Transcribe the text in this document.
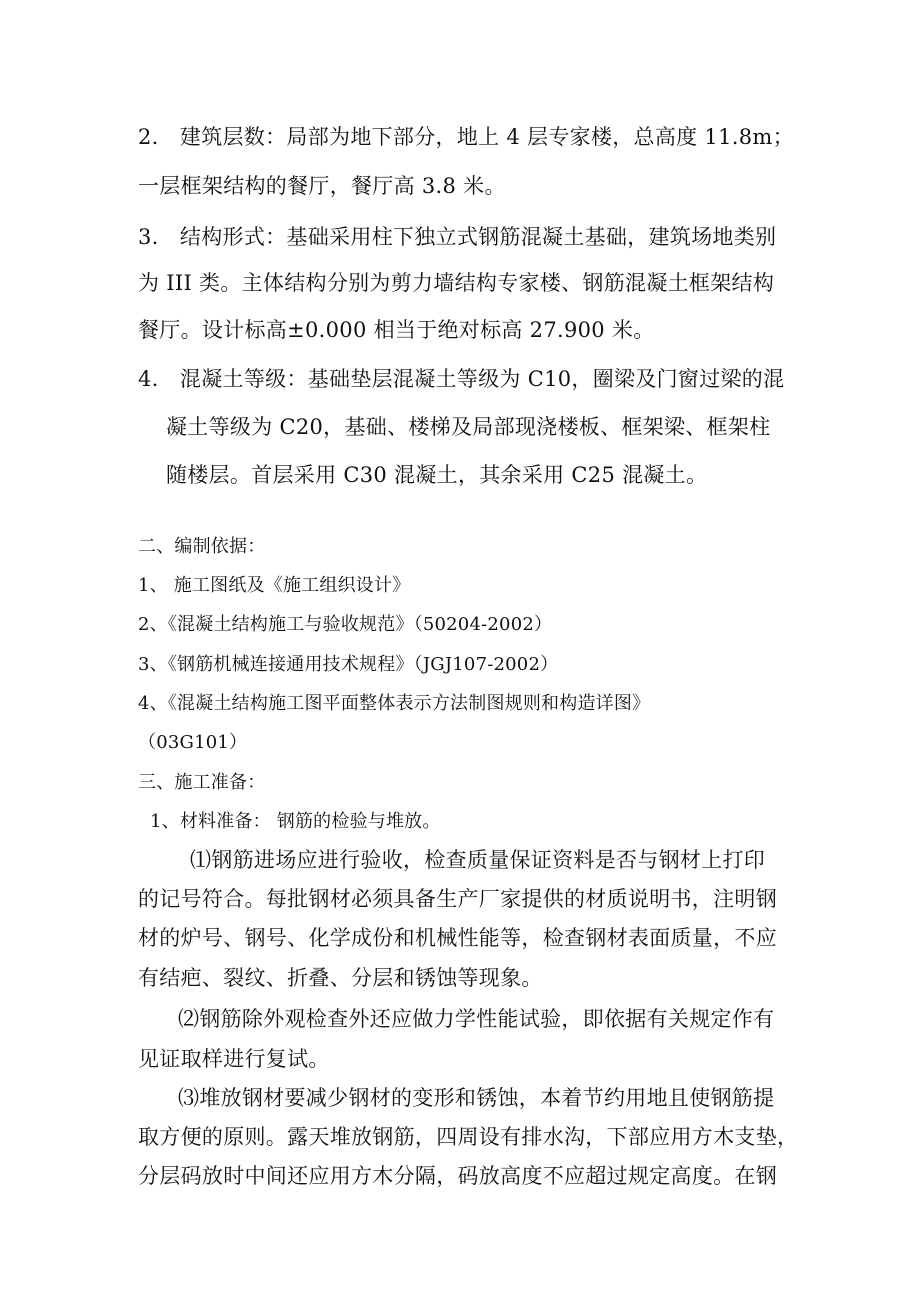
2.　建筑层数：局部为地下部分，地上 4 层专家楼，总高度 11.8m；
一层框架结构的餐厅，餐厅高 3.8 米。
3.　结构形式：基础采用柱下独立式钢筋混凝土基础，建筑场地类别
为 III 类。主体结构分别为剪力墙结构专家楼、钢筋混凝土框架结构
餐厅。设计标高±0.000 相当于绝对标高 27.900 米。
4.　混凝土等级：基础垫层混凝土等级为 C10，圈梁及门窗过梁的混
凝土等级为 C20，基础、楼梯及局部现浇楼板、框架梁、框架柱
随楼层。首层采用 C30 混凝土，其余采用 C25 混凝土。
二、编制依据：
1、 施工图纸及《施工组织设计》
2、《混凝土结构施工与验收规范》（50204-2002）
3、《钢筋机械连接通用技术规程》（JGJ107-2002）
4、《混凝土结构施工图平面整体表示方法制图规则和构造详图》
（03G101）
三、施工准备：
1、材料准备： 钢筋的检验与堆放。
⑴钢筋进场应进行验收，检查质量保证资料是否与钢材上打印
的记号符合。每批钢材必须具备生产厂家提供的材质说明书，注明钢
材的炉号、钢号、化学成份和机械性能等，检查钢材表面质量，不应
有结疤、裂纹、折叠、分层和锈蚀等现象。
⑵钢筋除外观检查外还应做力学性能试验，即依据有关规定作有
见证取样进行复试。
⑶堆放钢材要减少钢材的变形和锈蚀，本着节约用地且使钢筋提
取方便的原则。露天堆放钢筋，四周设有排水沟，下部应用方木支垫，
分层码放时中间还应用方木分隔，码放高度不应超过规定高度。在钢
